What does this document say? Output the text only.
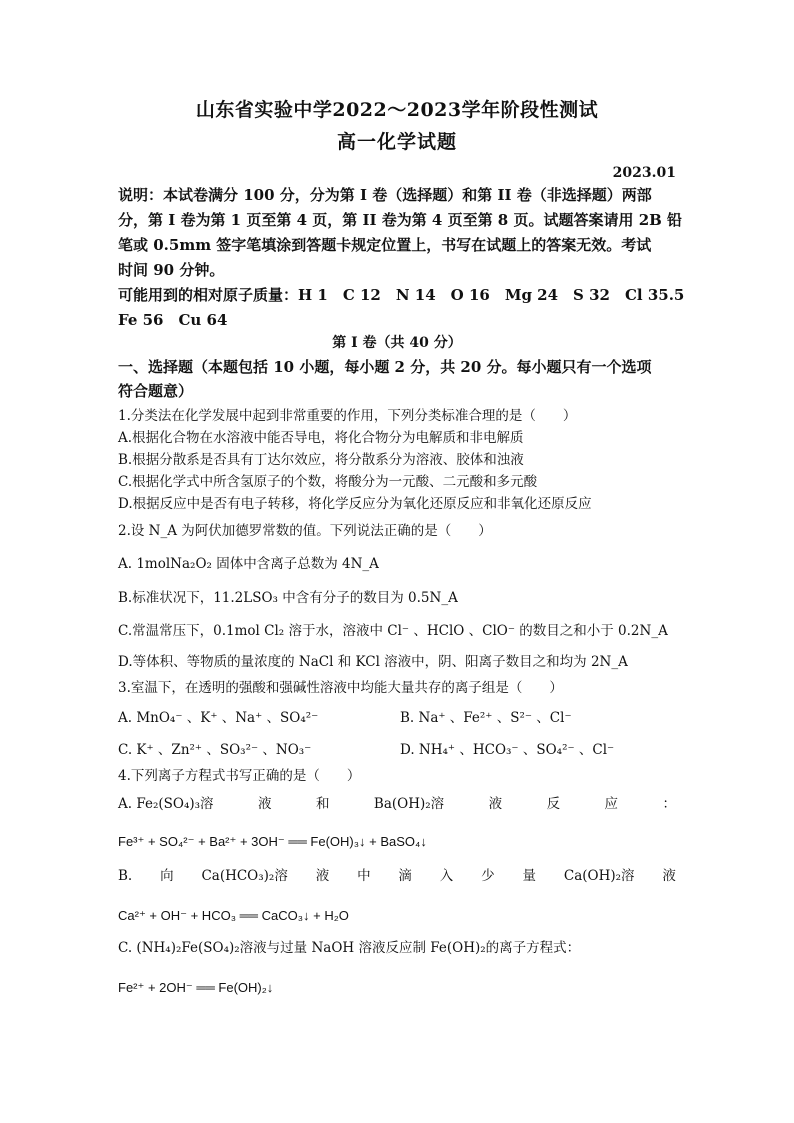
山东省实验中学2022～2023学年阶段性测试
高一化学试题
2023.01
说明：本试卷满分 100 分，分为第 I 卷（选择题）和第 II 卷（非选择题）两部
分，第 I 卷为第 1 页至第 4 页，第 II 卷为第 4 页至第 8 页。试题答案请用 2B 铅
笔或 0.5mm 签字笔填涂到答题卡规定位置上，书写在试题上的答案无效。考试
时间 90 分钟。
可能用到的相对原子质量：H 1　C 12　N 14　O 16　Mg 24　S 32　Cl 35.5
Fe 56　Cu 64
第 I 卷（共 40 分）
一、选择题（本题包括 10 小题，每小题 2 分，共 20 分。每小题只有一个选项
符合题意）
1.分类法在化学发展中起到非常重要的作用，下列分类标准合理的是（　　）
A.根据化合物在水溶液中能否导电，将化合物分为电解质和非电解质
B.根据分散系是否具有丁达尔效应，将分散系分为溶液、胶体和浊液
C.根据化学式中所含氢原子的个数，将酸分为一元酸、二元酸和多元酸
D.根据反应中是否有电子转移，将化学反应分为氧化还原反应和非氧化还原反应
2.设 N_A 为阿伏加德罗常数的值。下列说法正确的是（　　）
A. 1molNa₂O₂ 固体中含离子总数为 4N_A
B.标准状况下，11.2LSO₃ 中含有分子的数目为 0.5N_A
C.常温常压下，0.1mol Cl₂ 溶于水，溶液中 Cl⁻ 、HClO 、ClO⁻ 的数目之和小于 0.2N_A
D.等体积、等物质的量浓度的 NaCl 和 KCl 溶液中，阴、阳离子数目之和均为 2N_A
3.室温下，在透明的强酸和强碱性溶液中均能大量共存的离子组是（　　）
A. MnO₄⁻ 、K⁺ 、Na⁺ 、SO₄²⁻	B. Na⁺ 、Fe²⁺ 、S²⁻ 、Cl⁻
C. K⁺ 、Zn²⁺ 、SO₃²⁻ 、NO₃⁻	D. NH₄⁺ 、HCO₃⁻ 、SO₄²⁻ 、Cl⁻
4.下列离子方程式书写正确的是（　　）
A. Fe₂(SO₄)₃溶	液	和	Ba(OH)₂溶	液	反	应	：
Fe³⁺ + SO₄²⁻ + Ba²⁺ + 3OH⁻ ══ Fe(OH)₃↓ + BaSO₄↓
B. 向 Ca(HCO₃)₂溶 液 中 滴 入 少 量 Ca(OH)₂溶 液
Ca²⁺ + OH⁻ + HCO₃ ══ CaCO₃↓ + H₂O
C. (NH₄)₂Fe(SO₄)₂溶液与过量 NaOH 溶液反应制 Fe(OH)₂的离子方程式：
Fe²⁺ + 2OH⁻ ══ Fe(OH)₂↓
